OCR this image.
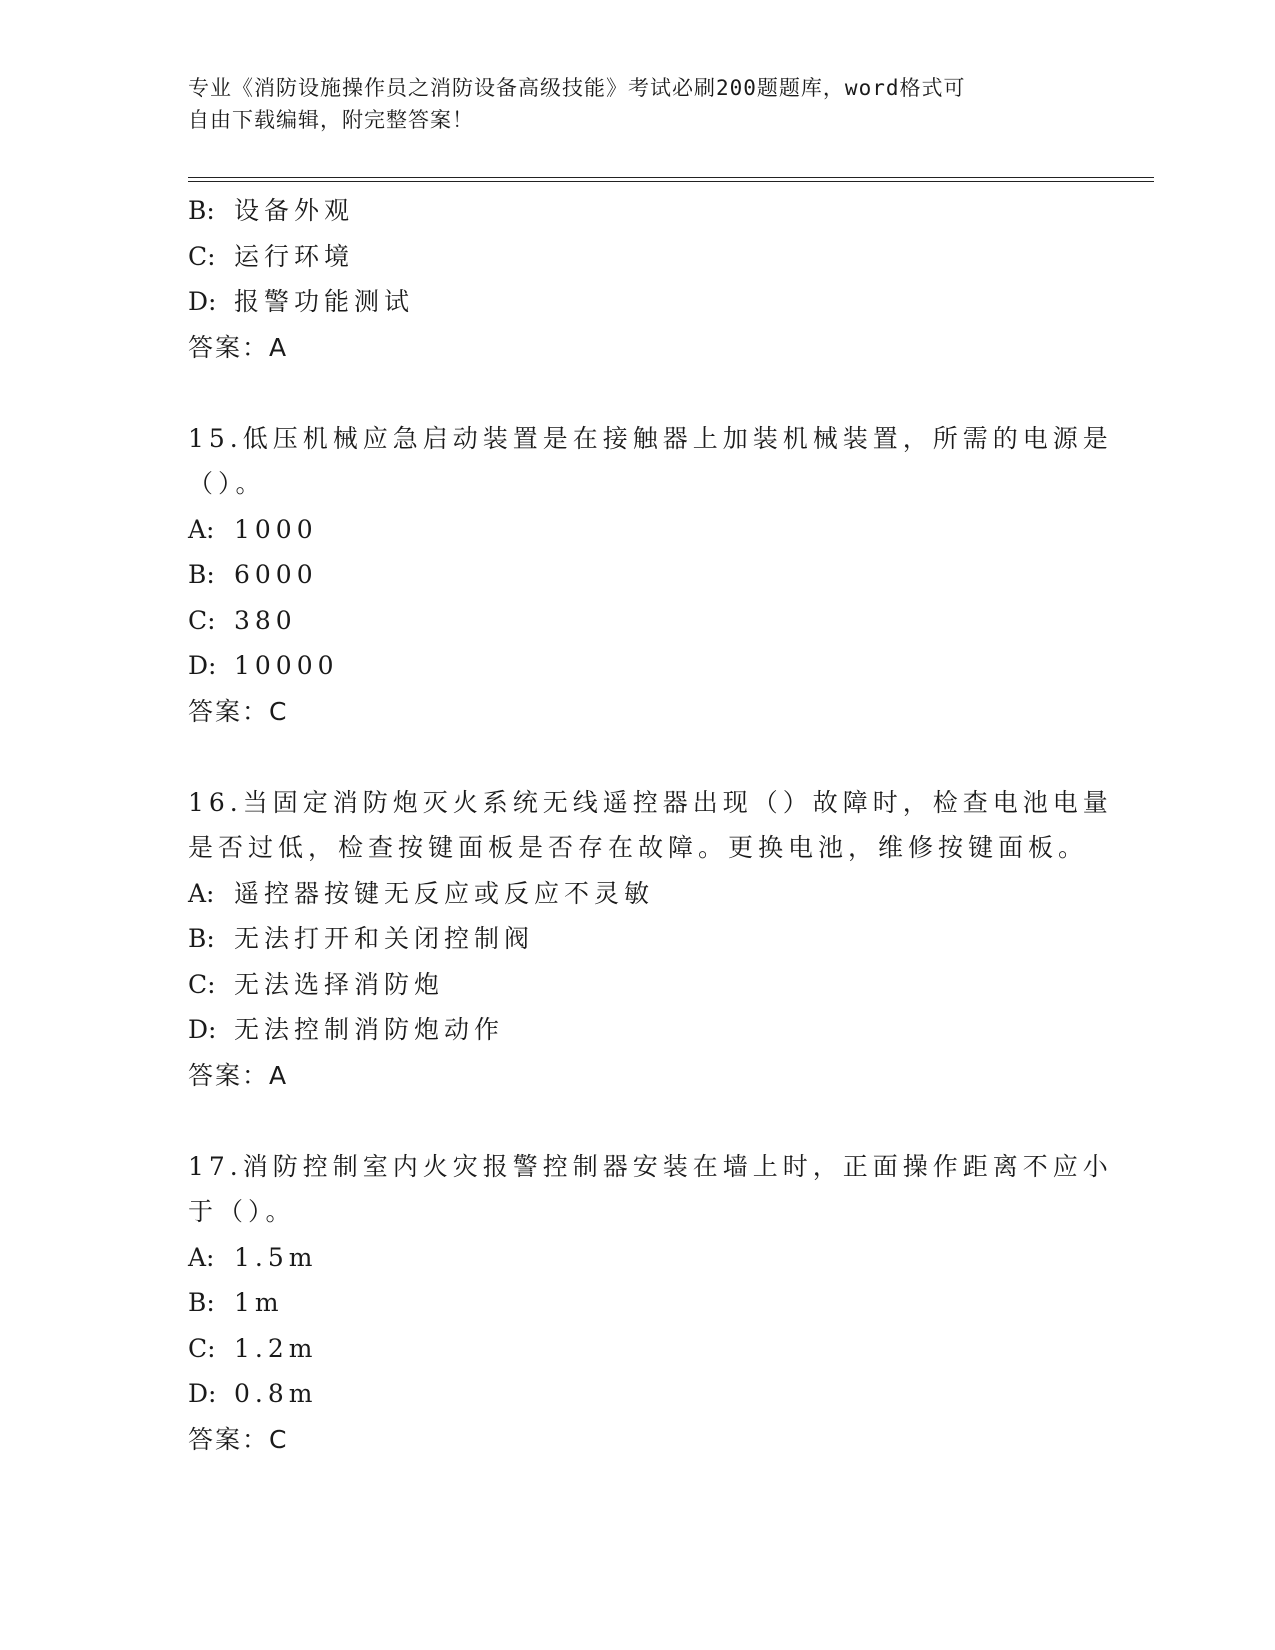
专业《消防设施操作员之消防设备高级技能》考试必刷200题题库，word格式可
自由下载编辑，附完整答案！
B: 设备外观
C: 运行环境
D: 报警功能测试
答案：A
15.低压机械应急启动装置是在接触器上加装机械装置，所需的电源是
（）。
A: 1000
B: 6000
C: 380
D: 10000
答案：C
16.当固定消防炮灭火系统无线遥控器出现（）故障时，检查电池电量
是否过低，检查按键面板是否存在故障。更换电池，维修按键面板。
A: 遥控器按键无反应或反应不灵敏
B: 无法打开和关闭控制阀
C: 无法选择消防炮
D: 无法控制消防炮动作
答案：A
17.消防控制室内火灾报警控制器安装在墙上时，正面操作距离不应小
于（）。
A: 1.5m
B: 1m
C: 1.2m
D: 0.8m
答案：C
